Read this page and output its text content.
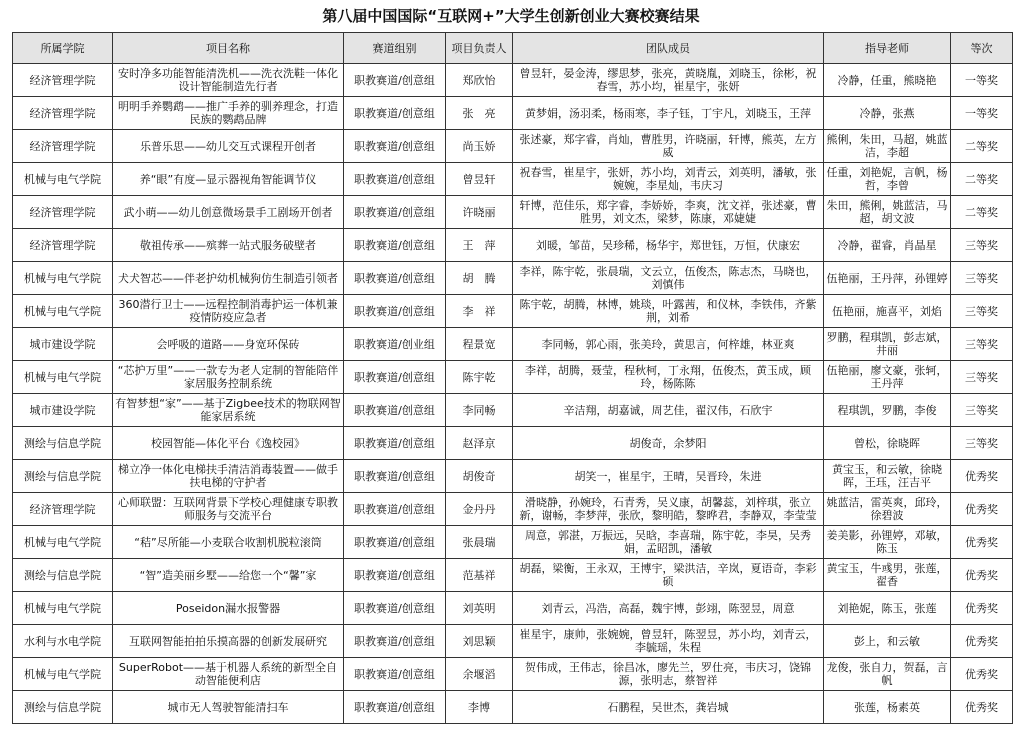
第八届中国国际“互联网+”大学生创新创业大赛校赛结果
所属学院	项目名称	赛道组别	项目负责人	团队成员	指导老师	等次
经济管理学院	安时净多功能智能清洗机——洗衣洗鞋一体化设计智能制造先行者	职教赛道/创意组	郑欣怡	曾昱轩，晏金涛，缪思梦，张亮，黄晓胤，刘晓玉，徐彬，祝春雪，苏小均，崔星宇，张妍	冷静，任重，熊晓艳	一等奖
经济管理学院	明明手养鹦鹉——推广手养的驯养理念，打造民族的鹦鹉品牌	职教赛道/创意组	张　亮	黄梦娟，汤羽柔，杨雨寒，李子钰，丁宇凡，刘晓玉，王萍	冷静，张燕	一等奖
经济管理学院	乐普乐思——幼儿交互式课程开创者	职教赛道/创意组	尚玉娇	张述豪，郑字睿，肖灿，曹胜男，许晓丽，轩博，熊英，左方威	熊俐，朱田，马超，姚蓝洁，李超	二等奖
机械与电气学院	养“眼”有度—显示器视角智能调节仪	职教赛道/创意组	曾昱轩	祝春雪，崔星宇，张妍，苏小均，刘青云，刘英明，潘敏，张婉婉，李星灿，韦庆习	任重，刘艳妮，言帆，杨哲，李曾	二等奖
经济管理学院	武小萌——幼儿创意微场景手工剧场开创者	职教赛道/创意组	许晓丽	轩博，范佳乐，郑字睿，李娇娇，李爽，沈文祥，张述豪，曹胜男，刘文杰，梁梦，陈康，邓婕婕	朱田，熊俐，姚蓝洁，马超，胡文波	二等奖
经济管理学院	敬祖传承——殡葬一站式服务破壁者	职教赛道/创意组	王　萍	刘暖，邹苗，吴珍稀，杨华宇，郑世钰，万恒，伏康宏	冷静，翟睿，肖晶星	三等奖
机械与电气学院	犬犬智芯——伴老护幼机械狗仿生制造引领者	职教赛道/创意组	胡　腾	李祥，陈宇乾，张晨瑞，文云立，伍俊杰，陈志杰，马晓也，刘慎伟	伍艳丽，王丹萍，孙锂婷	三等奖
机械与电气学院	360潜行卫士——远程控制消毒护运一体机兼疫情防疫应急者	职教赛道/创意组	李　祥	陈宇乾，胡腾，林博，姚琰，叶露茜，和仪林，李铁伟，齐紫荆，刘希	伍艳丽，施喜平，刘焰	三等奖
城市建设学院	会呼吸的道路——身宽环保砖	职教赛道/创业组	程景宽	李同畅，郭心雨，张美玲，黄思言，何梓雄，林亚爽	罗鹏，程琪凯，彭志斌，井丽	三等奖
机械与电气学院	“芯护万里”——一款专为老人定制的智能陪伴家居服务控制系统	职教赛道/创意组	陈宇乾	李祥，胡腾，聂莹，程秋柯，丁永翔，伍俊杰，黄玉成，顾玲，杨陈陈	伍艳丽，廖文豪，张轲，王丹萍	三等奖
城市建设学院	有智梦想“家”——基于Zigbee技术的物联网智能家居系统	职教赛道/创意组	李同畅	辛洁翔，胡嘉诚，周艺佳，翟汉伟，石欣宇	程琪凯，罗鹏，李俊	三等奖
测绘与信息学院	校园智能—体化平台《逸校园》	职教赛道/创意组	赵泽京	胡俊奇，余梦阳	曾松，徐晓晖	三等奖
测绘与信息学院	梯立净一体化电梯扶手清洁消毒装置——做手扶电梯的守护者	职教赛道/创意组	胡俊奇	胡笑一，崔星宇，王晴，吴晋玲，朱进	黄宝玉，和云敏，徐晓晖，王珏，汪吉平	优秀奖
经济管理学院	心师联盟：互联网背景下学校心理健康专职教师服务与交流平台	职教赛道/创意组	金丹丹	滑晓静，孙婉玲，石青秀，吴义康，胡馨蕊，刘梓琪，张立新，谢畅，李梦萍，张欣，黎明皓，黎晔君，李静双，李莹莹	姚蓝洁，雷英爽，邱玲，徐碧波	优秀奖
机械与电气学院	“秸”尽所能—小麦联合收割机脱粒滚筒	职教赛道/创意组	张晨瑞	周意，郭湛，万振远，吴晗，李喜瑞，陈宇乾，李昊，吴秀娟，孟昭凯，潘敏	姜美影，孙锂婷，邓敏，陈玉	优秀奖
测绘与信息学院	“智”造美丽乡墅——给您一个“馨”家	职教赛道/创意组	范基祥	胡磊，梁衡，王永双，王博宇，梁洪洁，辛岚，夏语奇，李彩硕	黄宝玉，牛彧男，张莲，翟香	优秀奖
机械与电气学院	Poseidon漏水报警器	职教赛道/创意组	刘英明	刘青云，冯浩，高磊，魏宇博，彭翊，陈翌昱，周意	刘艳妮，陈玉，张莲	优秀奖
水利与水电学院	互联网智能拍拍乐摸高器的创新发展研究	职教赛道/创意组	刘思颖	崔星宇，康帅，张婉婉，曾昱轩，陈翌昱，苏小均，刘青云，李毓瑶，朱程	彭上，和云敏	优秀奖
机械与电气学院	SuperRobot——基于机器人系统的新型全自动智能便利店	职教赛道/创意组	余堰滔	贺伟成，王伟志，徐昌冰，廖先兰，罗仕亮，韦庆习，饶锦源，张明志，蔡智祥	龙俊，张自力，贺磊，言帆	优秀奖
测绘与信息学院	城市无人驾驶智能清扫车	职教赛道/创意组	李博	石鹏程，吴世杰，龚岩城	张莲，杨素英	优秀奖
